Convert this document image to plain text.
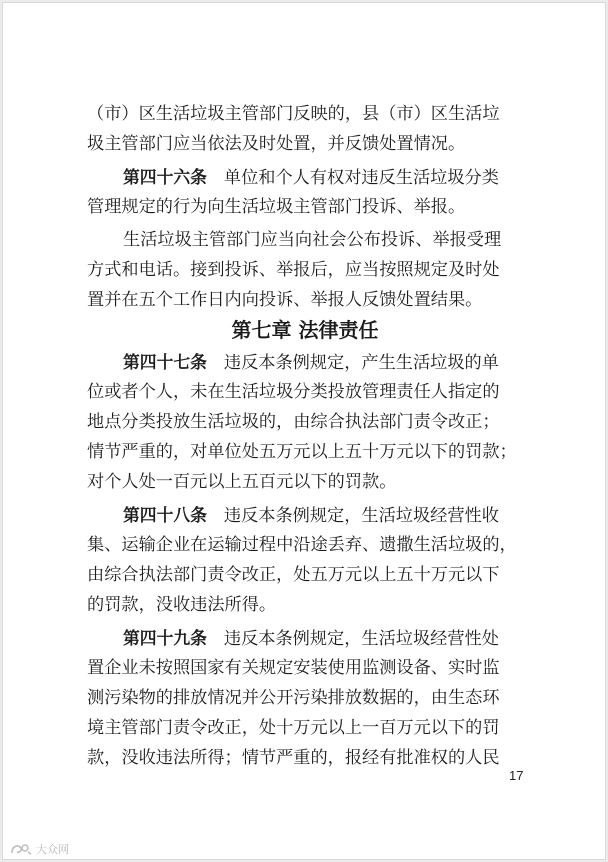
（市）区生活垃圾主管部门反映的，县（市）区生活垃
圾主管部门应当依法及时处置，并反馈处置情况。
第四十六条 单位和个人有权对违反生活垃圾分类
管理规定的行为向生活垃圾主管部门投诉、举报。
生活垃圾主管部门应当向社会公布投诉、举报受理
方式和电话。接到投诉、举报后，应当按照规定及时处
置并在五个工作日内向投诉、举报人反馈处置结果。
第七章 法律责任
第四十七条 违反本条例规定，产生生活垃圾的单
位或者个人，未在生活垃圾分类投放管理责任人指定的
地点分类投放生活垃圾的，由综合执法部门责令改正；
情节严重的，对单位处五万元以上五十万元以下的罚款；
对个人处一百元以上五百元以下的罚款。
第四十八条 违反本条例规定，生活垃圾经营性收
集、运输企业在运输过程中沿途丢弃、遗撒生活垃圾的，
由综合执法部门责令改正，处五万元以上五十万元以下
的罚款，没收违法所得。
第四十九条 违反本条例规定，生活垃圾经营性处
置企业未按照国家有关规定安装使用监测设备、实时监
测污染物的排放情况并公开污染排放数据的，由生态环
境主管部门责令改正，处十万元以上一百万元以下的罚
款，没收违法所得；情节严重的，报经有批准权的人民
17
大众网
